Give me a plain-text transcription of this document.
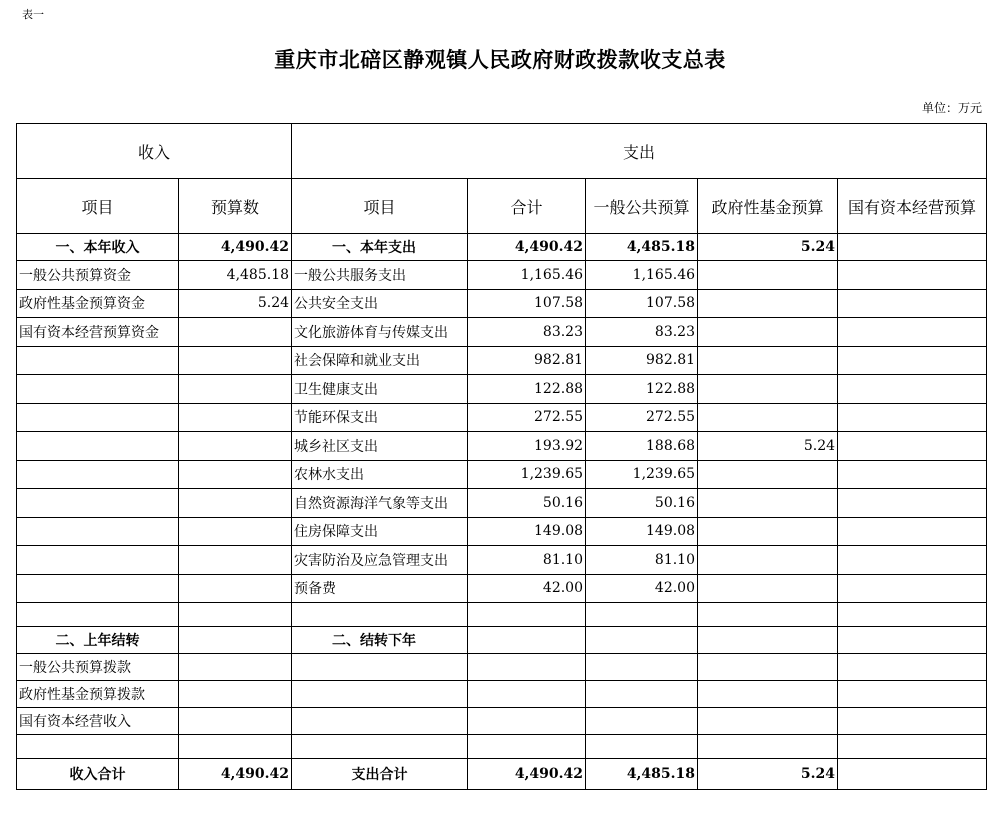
表一
重庆市北碚区静观镇人民政府财政拨款收支总表
单位：万元
收入		支出				
项目	预算数	项目	合计	一般公共预算	政府性基金预算	国有资本经营预算
一、本年收入	4,490.42	一、本年支出	4,490.42	4,485.18	5.24	
一般公共预算资金	4,485.18	一般公共服务支出	1,165.46	1,165.46		
政府性基金预算资金	5.24	公共安全支出	107.58	107.58		
国有资本经营预算资金		文化旅游体育与传媒支出	83.23	83.23		
		社会保障和就业支出	982.81	982.81		
		卫生健康支出	122.88	122.88		
		节能环保支出	272.55	272.55		
		城乡社区支出	193.92	188.68	5.24	
		农林水支出	1,239.65	1,239.65		
		自然资源海洋气象等支出	50.16	50.16		
		住房保障支出	149.08	149.08		
		灾害防治及应急管理支出	81.10	81.10		
		预备费	42.00	42.00		

二、上年结转		二、结转下年				
一般公共预算拨款						
政府性基金预算拨款						
国有资本经营收入						

收入合计	4,490.42	支出合计	4,490.42	4,485.18	5.24	
